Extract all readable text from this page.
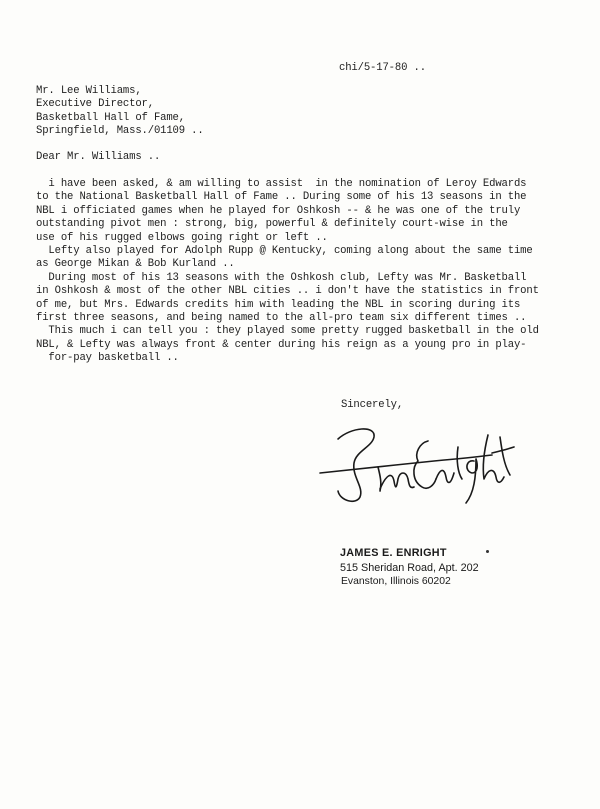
chi/5-17-80 ..
Mr. Lee Williams,
Executive Director,
Basketball Hall of Fame,
Springfield, Mass./01109 ..
Dear Mr. Williams ..
i have been asked, & am willing to assist  in the nomination of Leroy Edwards
to the National Basketball Hall of Fame .. During some of his 13 seasons in the
NBL i officiated games when he played for Oshkosh -- & he was one of the truly
outstanding pivot men : strong, big, powerful & definitely court-wise in the
use of his rugged elbows going right or left ..
Lefty also played for Adolph Rupp @ Kentucky, coming along about the same time
as George Mikan & Bob Kurland ..
During most of his 13 seasons with the Oshkosh club, Lefty was Mr. Basketball
in Oshkosh & most of the other NBL cities .. i don't have the statistics in front
of me, but Mrs. Edwards credits him with leading the NBL in scoring during its
first three seasons, and being named to the all-pro team six different times ..
This much i can tell you : they played some pretty rugged basketball in the old
NBL, & Lefty was always front & center during his reign as a young pro in play-
for-pay basketball ..
Sincerely,
JAMES E. ENRIGHT
515 Sheridan Road, Apt. 202
Evanston, Illinois 60202
